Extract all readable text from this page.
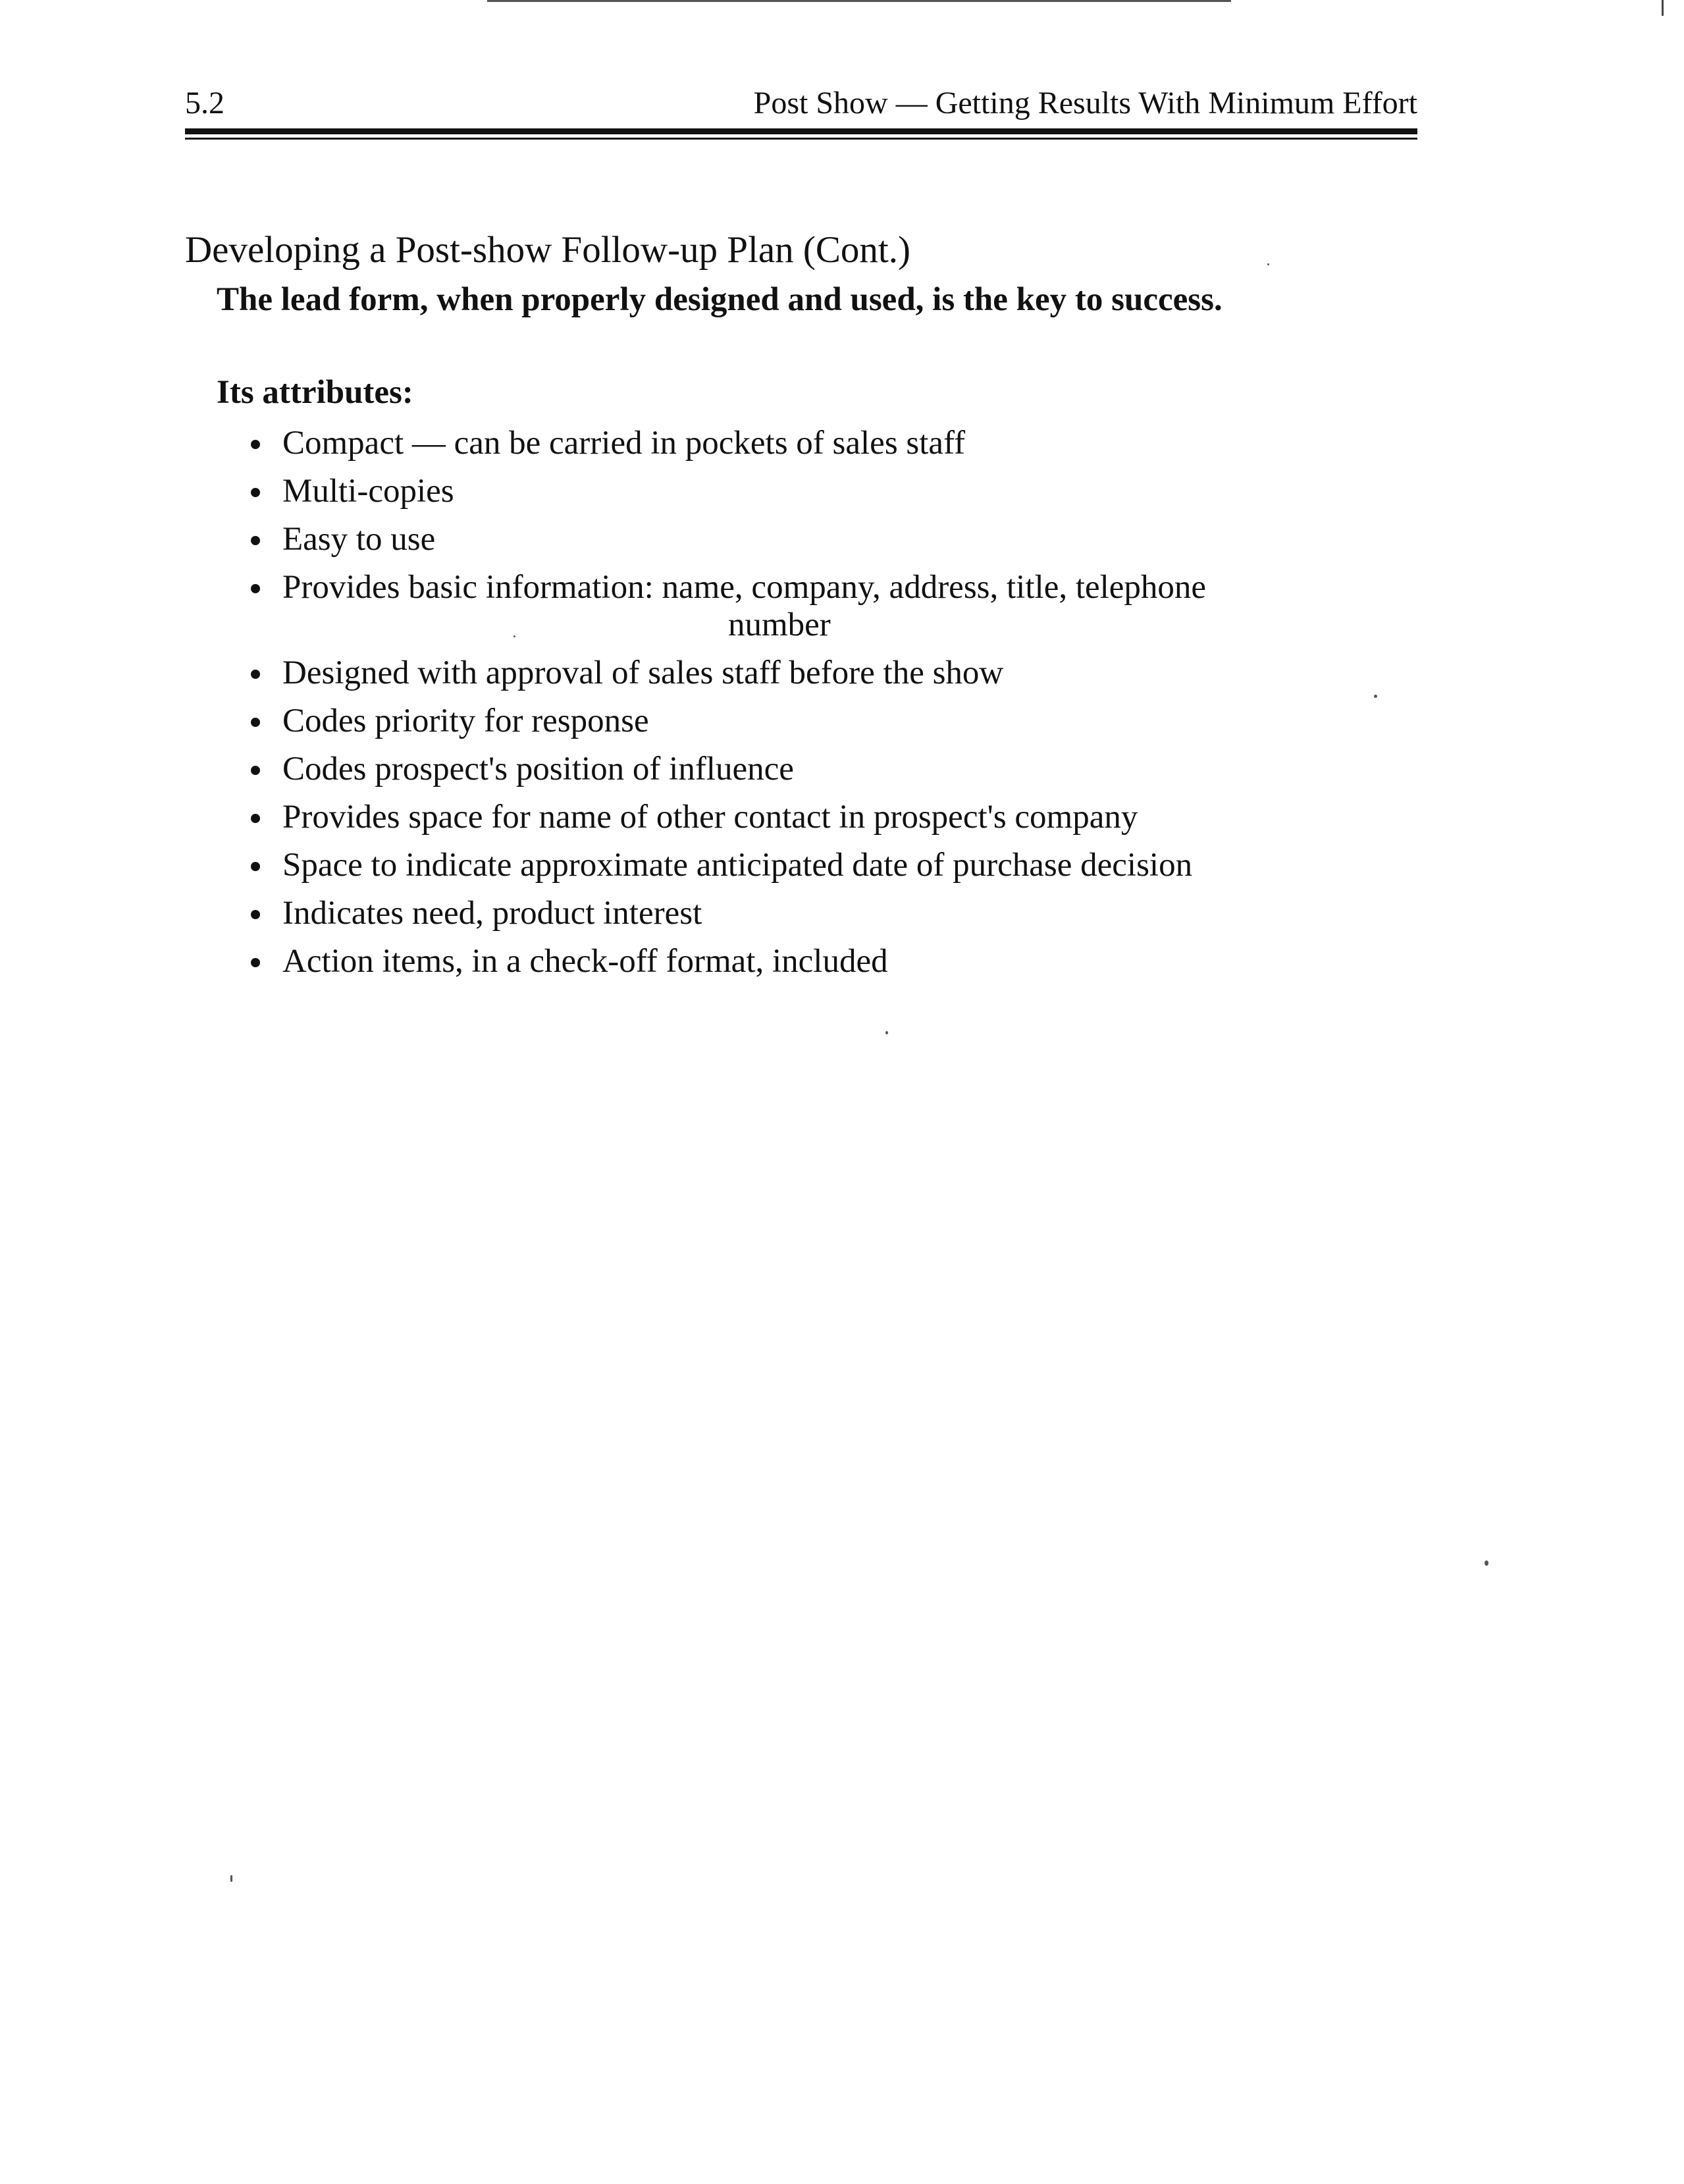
5.2	Post Show — Getting Results With Minimum Effort
Developing a Post-show Follow-up Plan (Cont.)
The lead form, when properly designed and used, is the key to success.
Its attributes:
Compact — can be carried in pockets of sales staff
Multi-copies
Easy to use
Provides basic information: name, company, address, title, telephone
number
Designed with approval of sales staff before the show
Codes priority for response
Codes prospect's position of influence
Provides space for name of other contact in prospect's company
Space to indicate approximate anticipated date of purchase decision
Indicates need, product interest
Action items, in a check-off format, included
